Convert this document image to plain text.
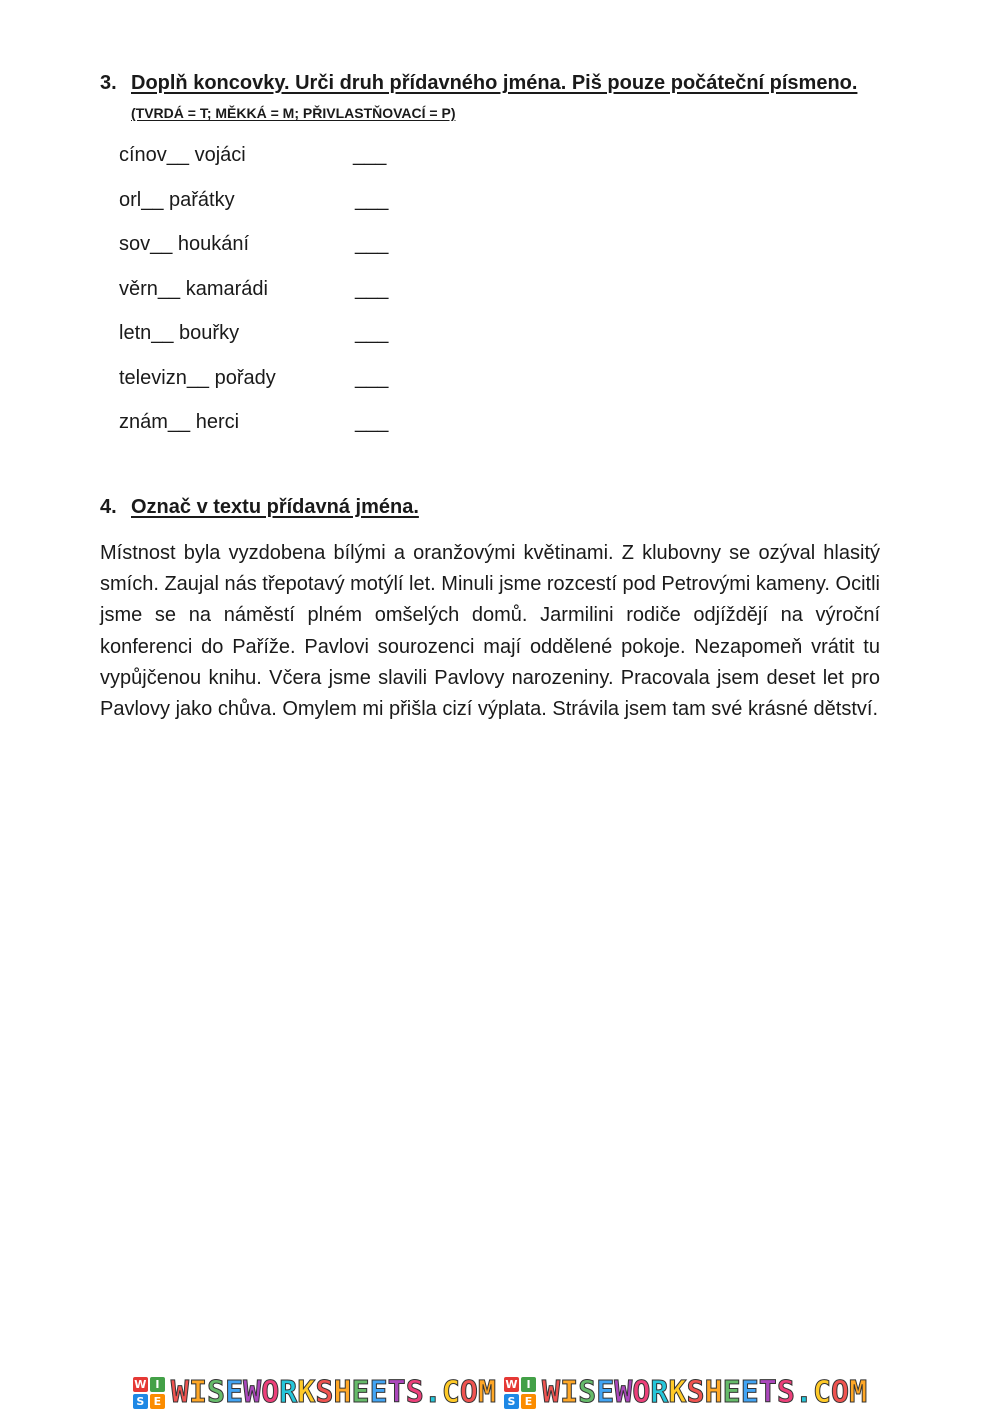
3. Doplň koncovky. Urči druh přídavného jména. Piš pouze počáteční písmeno.
(TVRDÁ = T; MĚKKÁ = M; PŘIVLASTŇOVACÍ = P)
cínov__ vojáci	___
orl__ pařátky	___
sov__ houkání	___
věrn__ kamarádi	___
letn__ bouřky	___
televizn__ pořady	___
znám__ herci	___
4. Označ v textu přídavná jména.
Místnost byla vyzdobena bílými a oranžovými květinami. Z klubovny se ozýval hlasitý smích. Zaujal nás třepotavý motýlí let. Minuli jsme rozcestí pod Petrovými kameny. Ocitli jsme se na náměstí plném omšelých domů. Jarmilini rodiče odjíždějí na výroční konferenci do Paříže. Pavlovi sourozenci mají oddělené pokoje. Nezapomeň vrátit tu vypůjčenou knihu. Včera jsme slavili Pavlovy narozeniny. Pracovala jsem deset let pro Pavlovy jako chůva. Omylem mi přišla cizí výplata. Strávila jsem tam své krásné dětství.
W I
S E WISEWORKSHEETS.COM W I
S E WISEWORKSHEETS.COM
